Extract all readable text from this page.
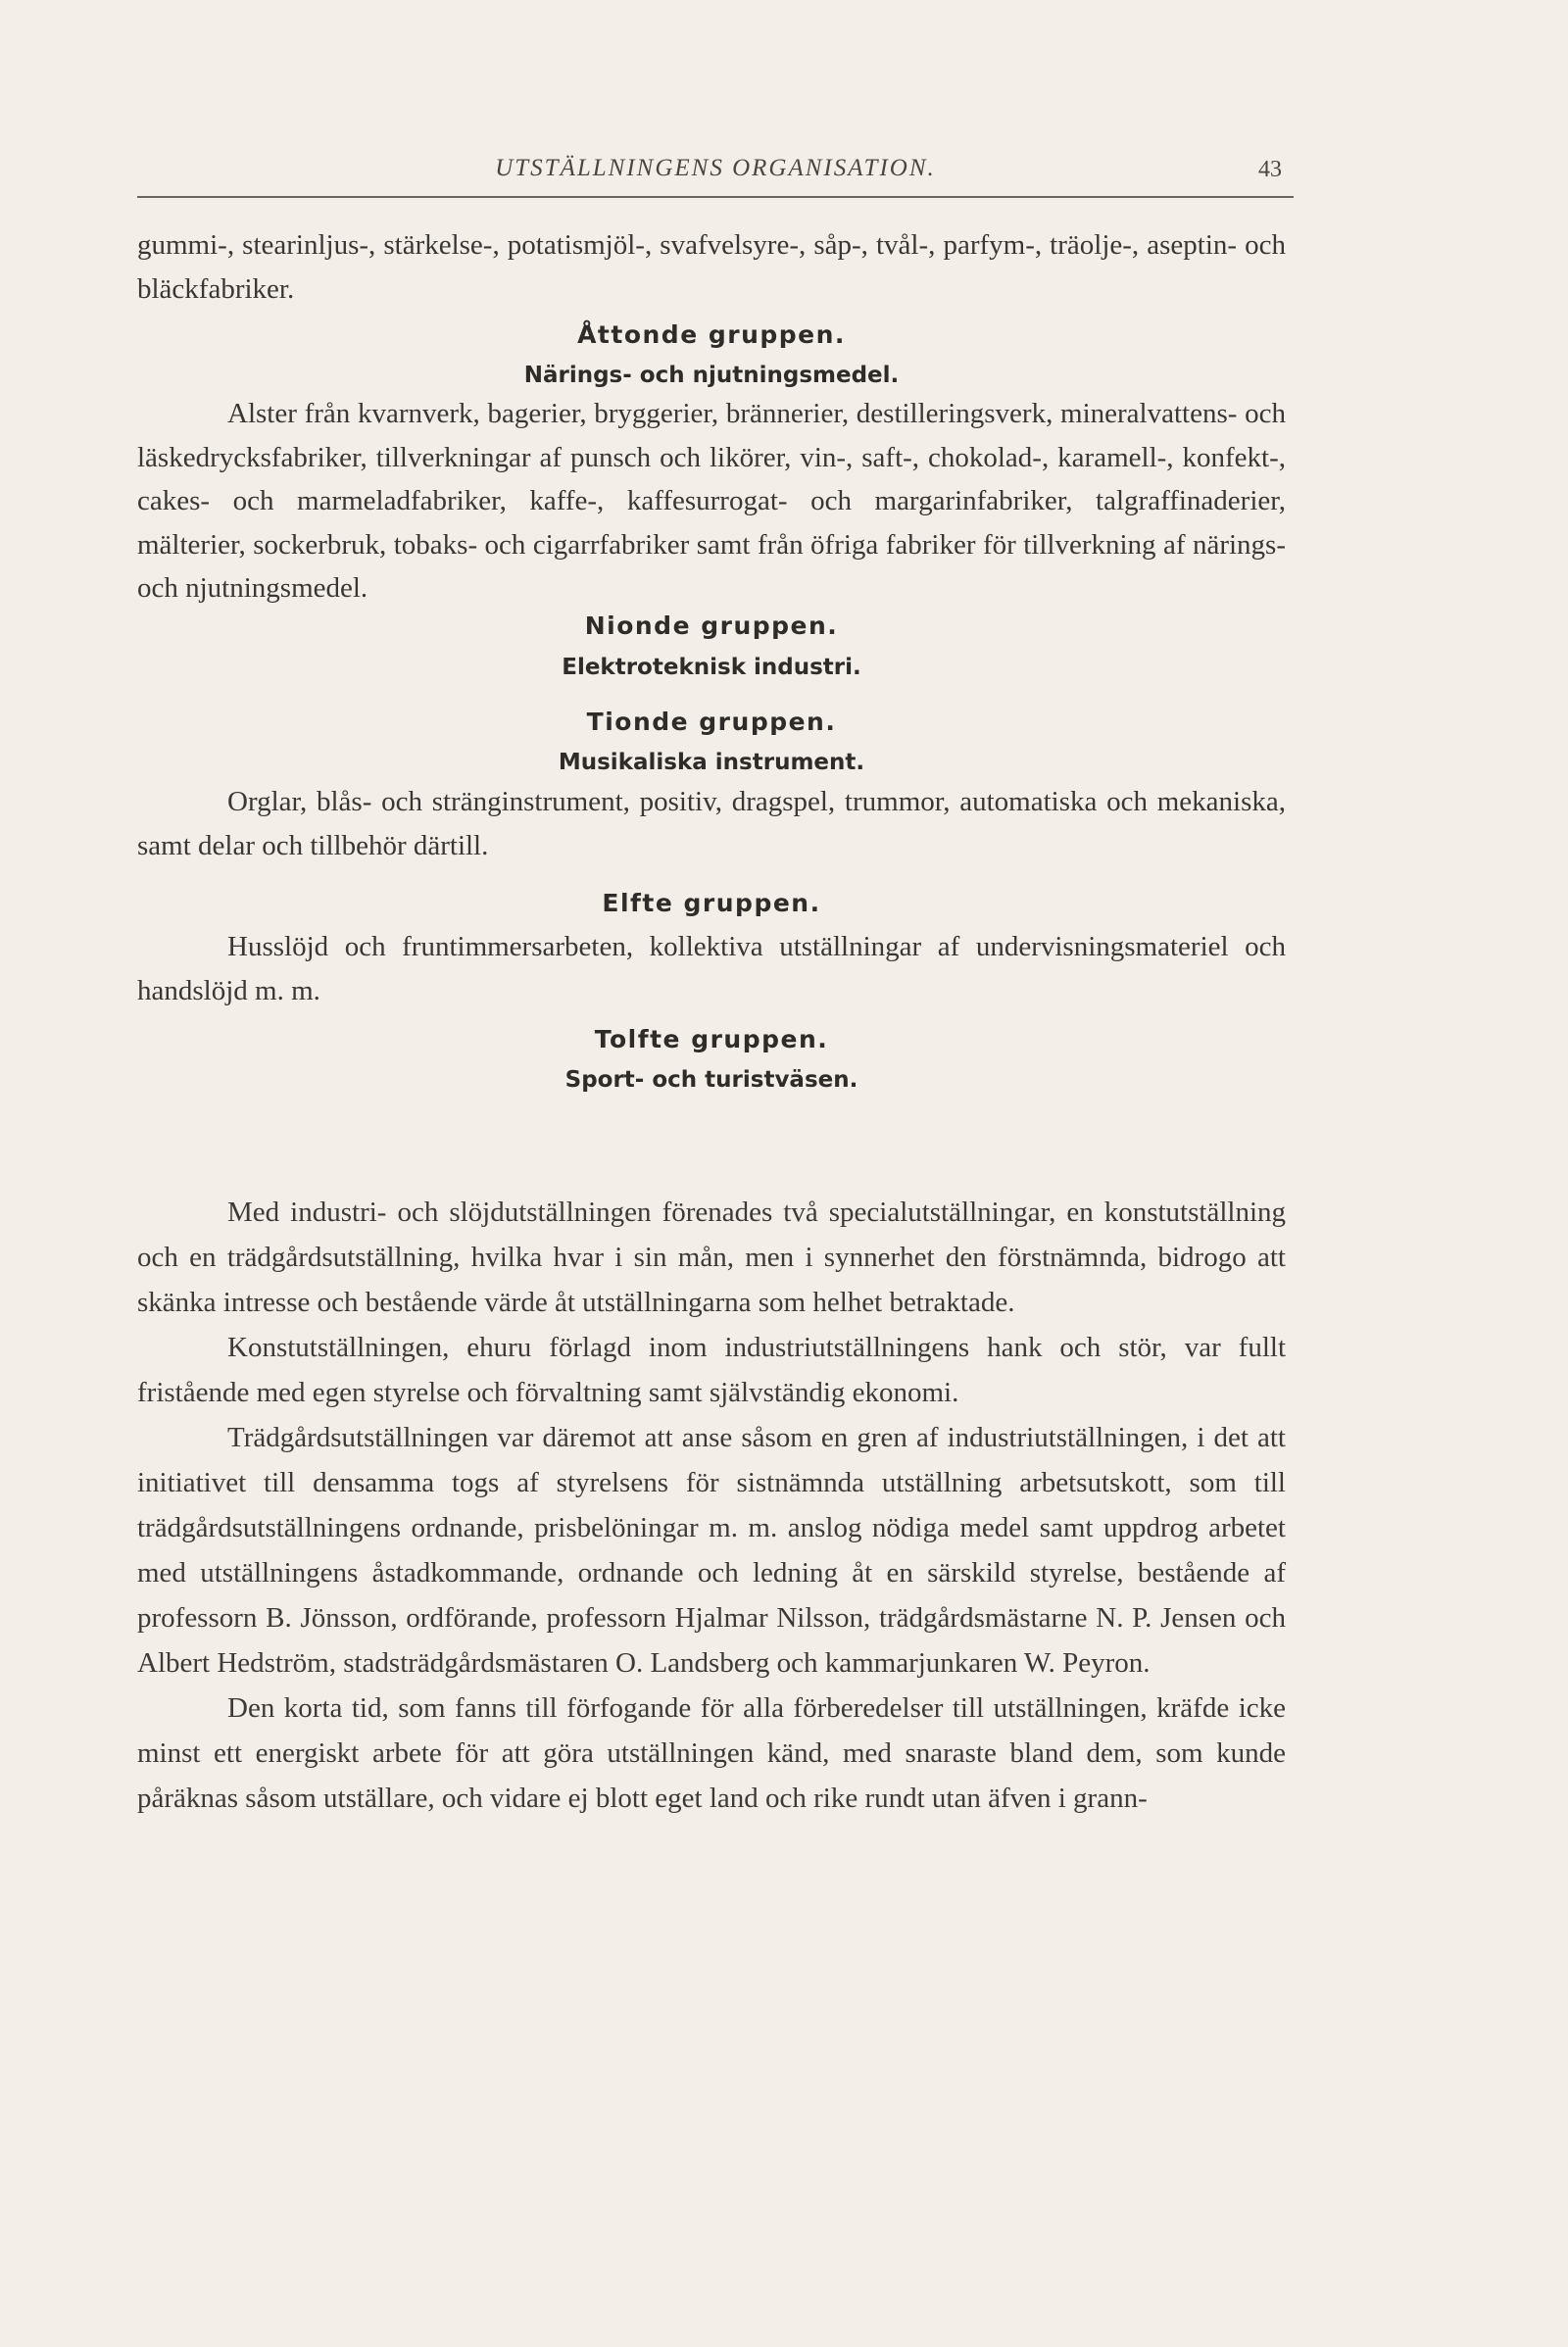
UTSTÄLLNINGENS ORGANISATION.	43

gummi-, stearinljus-, stärkelse-, potatismjöl-, svafvelsyre-, såp-, tvål-, parfym-, träolje-, aseptin- och bläckfabriker.

Åttonde gruppen.
Närings- och njutningsmedel.

Alster från kvarnverk, bagerier, bryggerier, brännerier, destilleringsverk, mineralvattens- och läskedrycksfabriker, tillverkningar af punsch och likörer, vin-, saft-, chokolad-, karamell-, konfekt-, cakes- och marmeladfabriker, kaffe-, kaffesurrogat- och margarinfabriker, talgraffinaderier, mälterier, sockerbruk, tobaks- och cigarrfabriker samt från öfriga fabriker för tillverkning af närings- och njutningsmedel.

Nionde gruppen.
Elektroteknisk industri.
Tionde gruppen.
Musikaliska instrument.

Orglar, blås- och stränginstrument, positiv, dragspel, trummor, automatiska och mekaniska, samt delar och tillbehör därtill.

Elfte gruppen.

Husslöjd och fruntimmersarbeten, kollektiva utställningar af undervisningsmateriel och handslöjd m. m.

Tolfte gruppen.
Sport- och turistväsen.

Med industri- och slöjdutställningen förenades två specialutställningar, en konstutställning och en trädgårdsutställning, hvilka hvar i sin mån, men i synnerhet den förstnämnda, bidrogo att skänka intresse och bestående värde åt utställningarna som helhet betraktade.

Konstutställningen, ehuru förlagd inom industriutställningens hank och stör, var fullt fristående med egen styrelse och förvaltning samt självständig ekonomi.

Trädgårdsutställningen var däremot att anse såsom en gren af industriutställningen, i det att initiativet till densamma togs af styrelsens för sistnämnda utställning arbetsutskott, som till trädgårdsutställningens ordnande, prisbelöningar m. m. anslog nödiga medel samt uppdrog arbetet med utställningens åstadkommande, ordnande och ledning åt en särskild styrelse, bestående af professorn B. Jönsson, ordförande, professorn Hjalmar Nilsson, trädgårdsmästarne N. P. Jensen och Albert Hedström, stadsträdgårdsmästaren O. Landsberg och kammarjunkaren W. Peyron.

Den korta tid, som fanns till förfogande för alla förberedelser till utställningen, kräfde icke minst ett energiskt arbete för att göra utställningen känd, med snaraste bland dem, som kunde påräknas såsom utställare, och vidare ej blott eget land och rike rundt utan äfven i grann-
